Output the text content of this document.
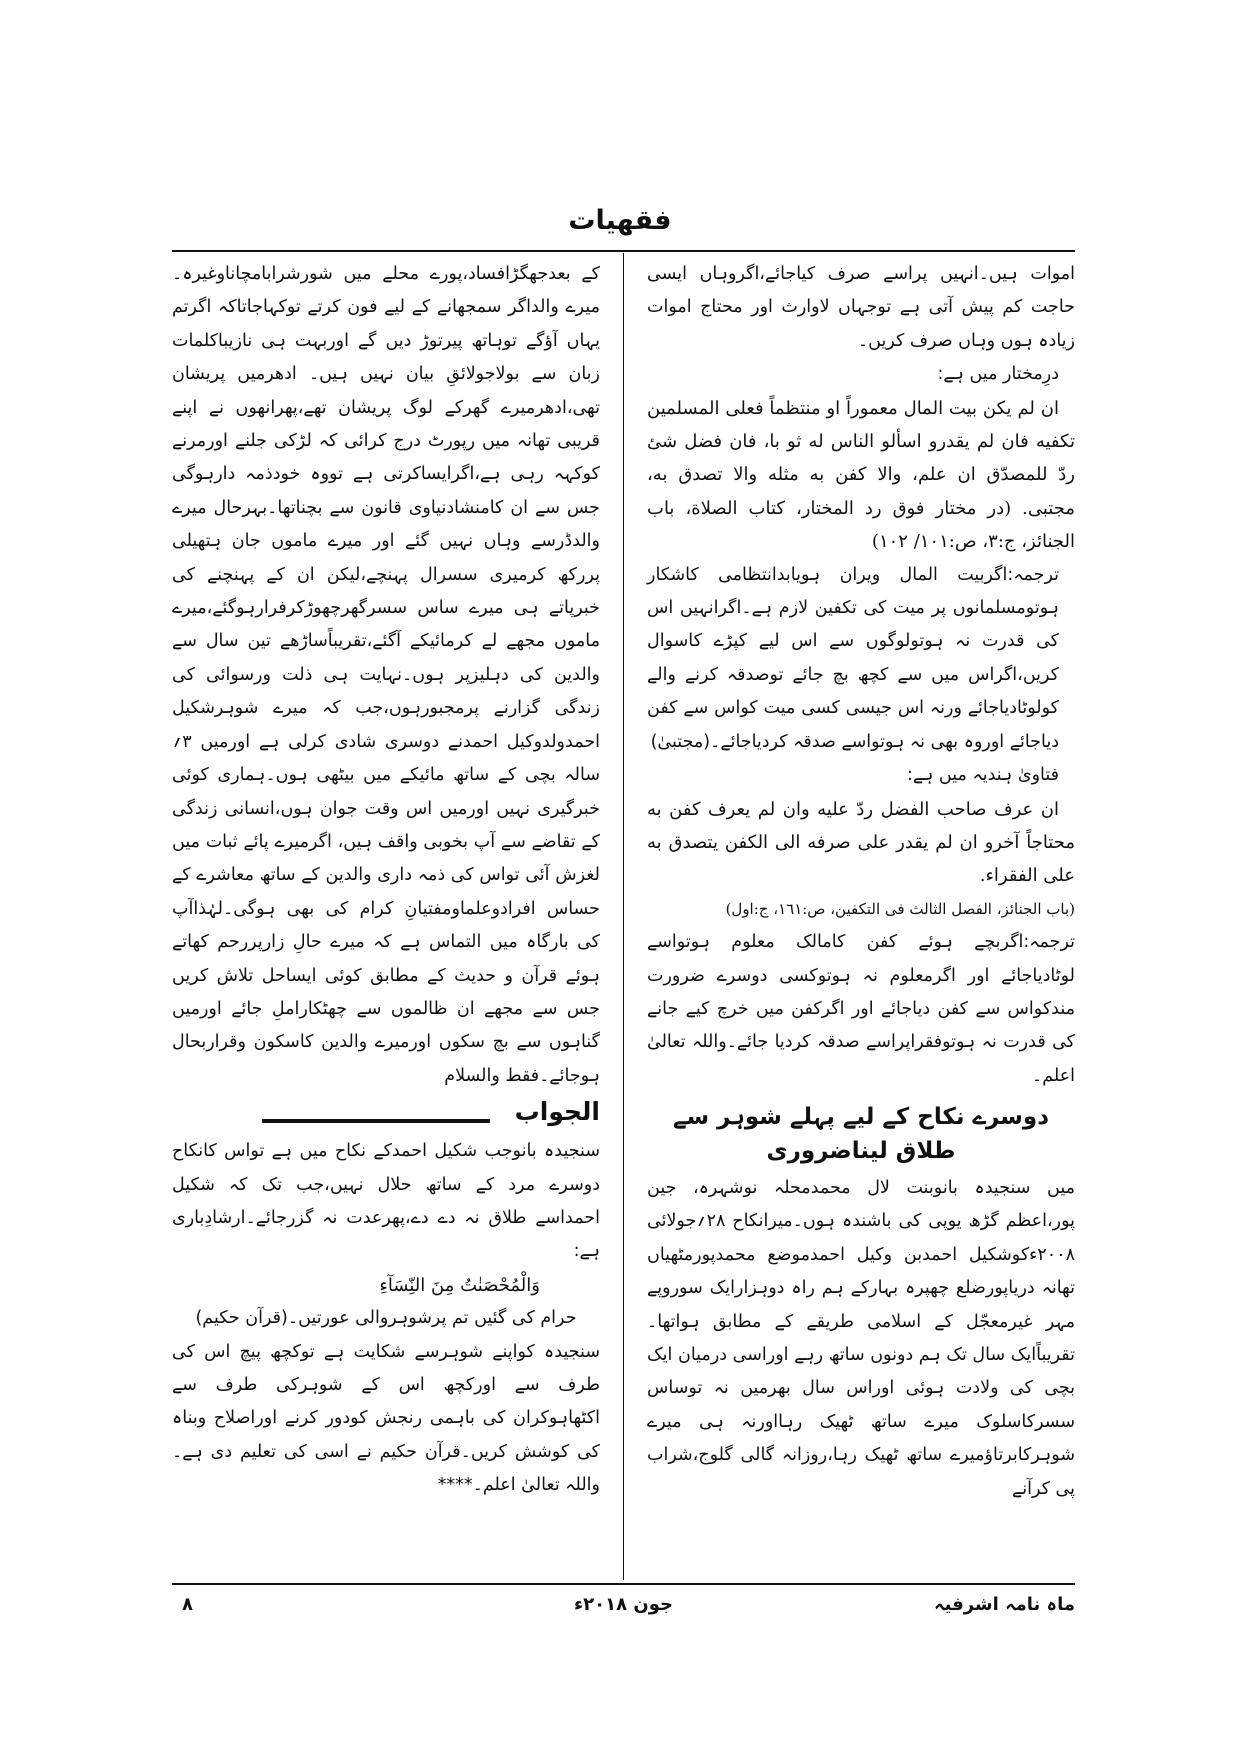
فقهيات

اموات ہیں۔انہیں پراسے صرف کیاجائے،اگروہاں ایسی حاجت کم پیش آتی ہے توجہاں لاوارث اور محتاج اموات زیادہ ہوں وہاں صرف کریں۔

درِمختار میں ہے:

ان لم يكن بيت المال معموراً او منتظماً فعلى المسلمين تكفيه فان لم يقدرو اسألو الناس له ثو با، فان فضل شئ ردّ للمصدّق ان علم، والا كفن به مثله والا تصدق به، مجتبى. (در مختار فوق رد المختار، كتاب الصلاة، باب الجنائز، ج:٣، ص:١٠١/ ١٠٢)

ترجمہ:اگربیت المال ویران ہویابدانتظامی کاشکار ہوتومسلمانوں پر میت کی تکفین لازم ہے۔اگرانہیں اس کی قدرت نہ ہوتولوگوں سے اس لیے کپڑے کاسوال کریں،اگراس میں سے کچھ بچ جائے توصدقہ کرنے والے کولوٹادیاجائے ورنہ اس جیسی کسی میت کواس سے کفن دیاجائے اوروہ بھی نہ ہوتواسے صدقہ کردیاجائے۔(مجتبیٰ)

فتاویٰ ہندیہ میں ہے:

ان عرف صاحب الفضل ردّ عليه وان لم يعرف كفن به محتاجاً آخرو ان لم يقدر على صرفه الى الكفن يتصدق به على الفقراء.

(باب الجنائز، الفصل الثالث فى التكفين، ص:١٦١، ج:اول)

ترجمہ:اگربچے ہوئے کفن کامالک معلوم ہوتواسے لوٹادیاجائے اور اگرمعلوم نہ ہوتوکسی دوسرے ضرورت مندکواس سے کفن دیاجائے اور اگرکفن میں خرچ کیے جانے کی قدرت نہ ہوتوفقراپراسے صدقہ کردیا جائے۔واللہ تعالیٰ اعلم۔

دوسرے نکاح کے لیے پہلے شوہر سے طلاق لیناضروری

میں سنجیدہ بانوبنت لال محمدمحلہ نوشہرہ، جین پور،اعظم گڑھ یوپی کی باشندہ ہوں۔میرانکاح ۲۸؍جولائی ۲۰۰۸ءکوشکیل احمدبن وکیل احمدموضع محمدپورمٹھیاں تھانہ دریاپورضلع چھپرہ بہارکے ہم راہ دوہزارایک سوروپے مہر غیرمعجّل کے اسلامی طریقے کے مطابق ہواتھا۔تقریباًایک سال تک ہم دونوں ساتھ رہے اوراسی درمیان ایک بچی کی ولادت ہوئی اوراس سال بھرمیں نہ توساس سسرکاسلوک میرے ساتھ ٹھیک رہااورنہ ہی میرے شوہرکابرتاؤمیرے ساتھ ٹھیک رہا،روزانہ گالی گلوج،شراب پی کرآنے

کے بعدجھگڑافساد،پورے محلے میں شورشرابامچاناوغیرہ۔میرے والداگر سمجھانے کے لیے فون کرتے توکہاجاتاکہ اگرتم یہاں آؤگے توہاتھ پیرتوڑ دیں گے اوربہت ہی نازیباکلمات زبان سے بولاجولائقِ بیان نہیں ہیں۔ ادھرمیں پریشان تھی،ادھرمیرے گھرکے لوگ پریشان تھے،پھرانھوں نے اپنے قریبی تھانہ میں رپورٹ درج کرائی کہ لڑکی جلنے اورمرنے کوکہہ رہی ہے،اگرایساکرتی ہے تووہ خودذمہ دارہوگی جس سے ان کامنشادنیاوی قانون سے بچناتھا۔بہرحال میرے والدڈرسے وہاں نہیں گئے اور میرے ماموں جان ہتھیلی پررکھ کرمیری سسرال پہنچے،لیکن ان کے پہنچنے کی خبرپاتے ہی میرے ساس سسرگھرچھوڑکرفرارہوگئے،میرے ماموں مجھے لے کرمائیکے آگئے،تقریباًساڑھے تین سال سے والدین کی دہلیزپر ہوں۔نہایت ہی ذلت ورسوائی کی زندگی گزارنے پرمجبورہوں،جب کہ میرے شوہرشکیل احمدولدوکیل احمدنے دوسری شادی کرلی ہے اورمیں ۳؍ سالہ بچی کے ساتھ مائیکے میں بیٹھی ہوں۔ہماری کوئی خبرگیری نہیں اورمیں اس وقت جوان ہوں،انسانی زندگی کے تقاضے سے آپ بخوبی واقف ہیں، اگرمیرے پائے ثبات میں لغزش آئی تواس کی ذمہ داری والدین کے ساتھ معاشرے کے حساس افرادوعلماومفتیانِ کرام کی بھی ہوگی۔لہٰذاآپ کی بارگاہ میں التماس ہے کہ میرے حالِ زارپررحم کھاتے ہوئے قرآن و حدیث کے مطابق کوئی ایساحل تلاش کریں جس سے مجھے ان ظالموں سے چھٹکاراملِ جائے اورمیں گناہوں سے بچ سکوں اورمیرے والدین کاسکون وقراربحال ہوجائے۔فقط والسلام

الجواب

سنجیدہ بانوجب شکیل احمدکے نکاح میں ہے تواس کانکاح دوسرے مرد کے ساتھ حلال نہیں،جب تک کہ شکیل احمداسے طلاق نہ دے دے،پھرعدت نہ گزرجائے۔ارشادِباری ہے:

وَالْمُحْصَنٰتُ مِنَ النِّسَآءِ

حرام کی گئیں تم پرشوہروالی عورتیں۔(قرآن حکیم)

سنجیدہ کواپنے شوہرسے شکایت ہے توکچھ پیچ اس کی طرف سے اورکچھ اس کے شوہرکی طرف سے اکٹھاہوکران کی باہمی رنجش کودور کرنے اوراصلاح وبناہ کی کوشش کریں۔قرآن حکیم نے اسی کی تعلیم دی ہے۔واللہ تعالیٰ اعلم۔****

ماہ نامہ اشرفیہ
جون ۲۰۱۸ء
۸
